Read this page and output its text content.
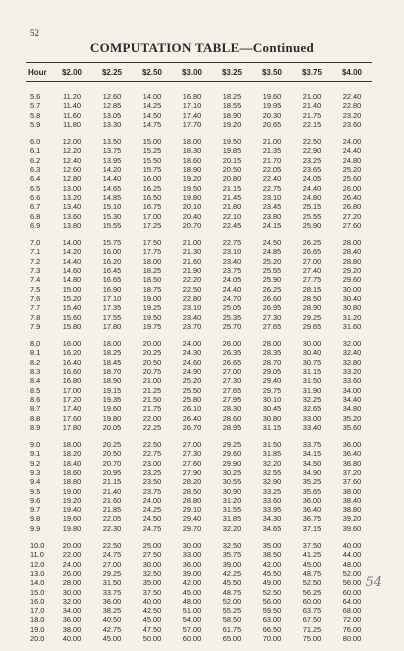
52
COMPUTATION TABLE—Continued
Hour	$2.00	$2.25	$2.50	$3.00	$3.25	$3.50	$3.75	$4.00
5.6	11.20	12.60	14.00	16.80	18.25	19.60	21.00	22.40
5.7	11.40	12.85	14.25	17.10	18.55	19.95	21.40	22.80
5.8	11.60	13.05	14.50	17.40	18.90	20.30	21.75	23.20
5.9	11.80	13.30	14.75	17.70	19.20	20.65	22.15	23.60
6.0	12.00	13.50	15.00	18.00	19.50	21.00	22.50	24.00
6.1	12.20	13.75	15.25	18.30	19.85	21.35	22.90	24.40
6.2	12.40	13.95	15.50	18.60	20.15	21.70	23.25	24.80
6.3	12.60	14.20	15.75	18.90	20.50	22.05	23.65	25.20
6.4	12.80	14.40	16.00	19.20	20.80	22.40	24.05	25.60
6.5	13.00	14.65	16.25	19.50	21.15	22.75	24.40	26.00
6.6	13.20	14.85	16.50	19.80	21.45	23.10	24.80	26.40
6.7	13.40	15.10	16.75	20.10	21.80	23.45	25.15	26.80
6.8	13.60	15.30	17.00	20.40	22.10	23.80	25.55	27.20
6.9	13.80	15.55	17.25	20.70	22.45	24.15	25.90	27.60
7.0	14.00	15.75	17.50	21.00	22.75	24.50	26.25	28.00
7.1	14.20	16.00	17.75	21.30	23.10	24.85	26.65	28.40
7.2	14.40	16.20	18.00	21.60	23.40	25.20	27.00	28.80
7.3	14.60	16.45	18.25	21.90	23.75	25.55	27.40	29.20
7.4	14.80	16.65	18.50	22.20	24.05	25.90	27.75	29.60
7.5	15.00	16.90	18.75	22.50	24.40	26.25	28.15	30.00
7.6	15.20	17.10	19.00	22.80	24.70	26.60	28.50	30.40
7.7	15.40	17.35	19.25	23.10	25.05	26.95	28.90	30.80
7.8	15.60	17.55	19.50	23.40	25.35	27.30	29.25	31.20
7.9	15.80	17.80	19.75	23.70	25.70	27.65	29.65	31.60
8.0	16.00	18.00	20.00	24.00	26.00	28.00	30.00	32.00
8.1	16.20	18.25	20.25	24.30	26.35	28.35	30.40	32.40
8.2	16.40	18.45	20.50	24.60	26.65	28.70	30.75	32.80
8.3	16.60	18.70	20.75	24.90	27.00	29.05	31.15	33.20
8.4	16.80	18.90	21.00	25.20	27.30	29.40	31.50	33.60
8.5	17.00	19.15	21.25	25.50	27.65	29.75	31.90	34.00
8.6	17.20	19.35	21.50	25.80	27.95	30.10	32.25	34.40
8.7	17.40	19.60	21.75	26.10	28.30	30.45	32.65	34.80
8.8	17.60	19.80	22.00	26.40	28.60	30.80	33.00	35.20
8.9	17.80	20.05	22.25	26.70	28.95	31.15	33.40	35.60
9.0	18.00	20.25	22.50	27.00	29.25	31.50	33.75	36.00
9.1	18.20	20.50	22.75	27.30	29.60	31.85	34.15	36.40
9.2	18.40	20.70	23.00	27.60	29.90	32.20	34.50	36.80
9.3	18.60	20.95	23.25	27.90	30.25	32.55	34.90	37.20
9.4	18.80	21.15	23.50	28.20	30.55	32.90	35.25	37.60
9.5	19.00	21.40	23.75	28.50	30.90	33.25	35.65	38.00
9.6	19.20	21.60	24.00	28.80	31.20	33.60	36.00	38.40
9.7	19.40	21.85	24.25	29.10	31.55	33.95	36.40	38.80
9.8	19.60	22.05	24.50	29.40	31.85	34.30	36.75	39.20
9.9	19.80	22.30	24.75	29.70	32.20	34.65	37.15	39.60
10.0	20.00	22.50	25.00	30.00	32.50	35.00	37.50	40.00
11.0	22.00	24.75	27.50	33.00	35.75	38.50	41.25	44.00
12.0	24.00	27.00	30.00	36.00	39.00	42.00	45.00	48.00
13.0	26.00	29.25	32.50	39.00	42.25	45.50	48.75	52.00
14.0	28.00	31.50	35.00	42.00	45.50	49.00	52.50	56.00
15.0	30.00	33.75	37.50	45.00	48.75	52.50	56.25	60.00
16.0	32.00	36.00	40.00	48.00	52.00	56.00	60.00	64.00
17.0	34.00	38.25	42.50	51.00	55.25	59.50	63.75	68.00
18.0	36.00	40.50	45.00	54.00	58.50	63.00	67.50	72.00
19.0	38.00	42.75	47.50	57.00	61.75	66.50	71.25	76.00
20.0	40.00	45.00	50.00	60.00	65.00	70.00	75.00	80.00
54
